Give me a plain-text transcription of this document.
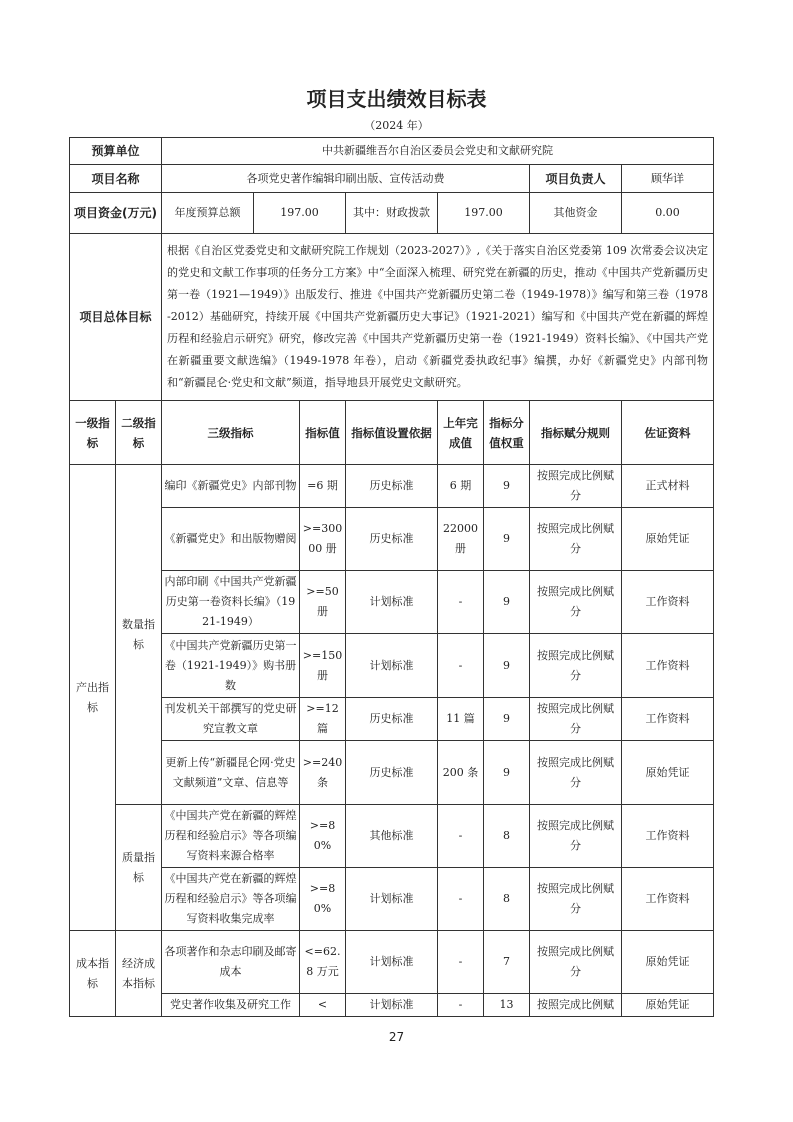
项目支出绩效目标表
（2024 年）
预算单位		中共新疆维吾尔自治区委员会党史和文献研究院							
项目名称		各项党史著作编辑印刷出版、宣传活动费						项目负责人	顾华详
项目资金(万元)		年度预算总额	197.00		其中：财政拨款	197.00		其他资金	0.00
项目总体目标		根据《自治区党委党史和文献研究院工作规划（2023-2027）》,《关于落实自治区党委第 109 次常委会议决定的党史和文献工作事项的任务分工方案》中“全面深入梳理、研究党在新疆的历史，推动《中国共产党新疆历史第一卷（1921—1949）》出版发行、推进《中国共产党新疆历史第二卷（1949-1978）》编写和第三卷（1978-2012）基础研究，持续开展《中国共产党新疆历史大事记》（1921-2021）编写和《中国共产党在新疆的辉煌历程和经验启示研究》研究，修改完善《中国共产党新疆历史第一卷（1921-1949）资料长编》、《中国共产党在新疆重要文献选编》（1949-1978 年卷），启动《新疆党委执政纪事》编撰，办好《新疆党史》内部刊物和“新疆昆仑·党史和文献”频道，指导地县开展党史文献研究。							
一级指标	二级指标	三级指标		指标值	指标值设置依据	上年完成值	指标分值权重	指标赋分规则	佐证资料
产出指标	数量指标	编印《新疆党史》内部刊物		=6 期	历史标准	6 期	9	按照完成比例赋分	正式材料
		《新疆党史》和出版物赠阅		>=30000 册	历史标准	22000 册	9	按照完成比例赋分	原始凭证
		内部印刷《中国共产党新疆历史第一卷资料长编》（1921-1949）		>=50 册	计划标准	-	9	按照完成比例赋分	工作资料
		《中国共产党新疆历史第一卷（1921-1949）》购书册数		>=150 册	计划标准	-	9	按照完成比例赋分	工作资料
		刊发机关干部撰写的党史研究宣教文章		>=12 篇	历史标准	11 篇	9	按照完成比例赋分	工作资料
		更新上传“新疆昆仑网·党史文献频道”文章、信息等		>=240 条	历史标准	200 条	9	按照完成比例赋分	原始凭证
	质量指标	《中国共产党在新疆的辉煌历程和经验启示》等各项编写资料来源合格率		>=80%	其他标准	-	8	按照完成比例赋分	工作资料
		《中国共产党在新疆的辉煌历程和经验启示》等各项编写资料收集完成率		>=80%	计划标准	-	8	按照完成比例赋分	工作资料
成本指标	经济成本指标	各项著作和杂志印刷及邮寄成本		<=62.8 万元	计划标准	-	7	按照完成比例赋分	原始凭证
		党史著作收集及研究工作		<	计划标准	-	13	按照完成比例赋	原始凭证
27
